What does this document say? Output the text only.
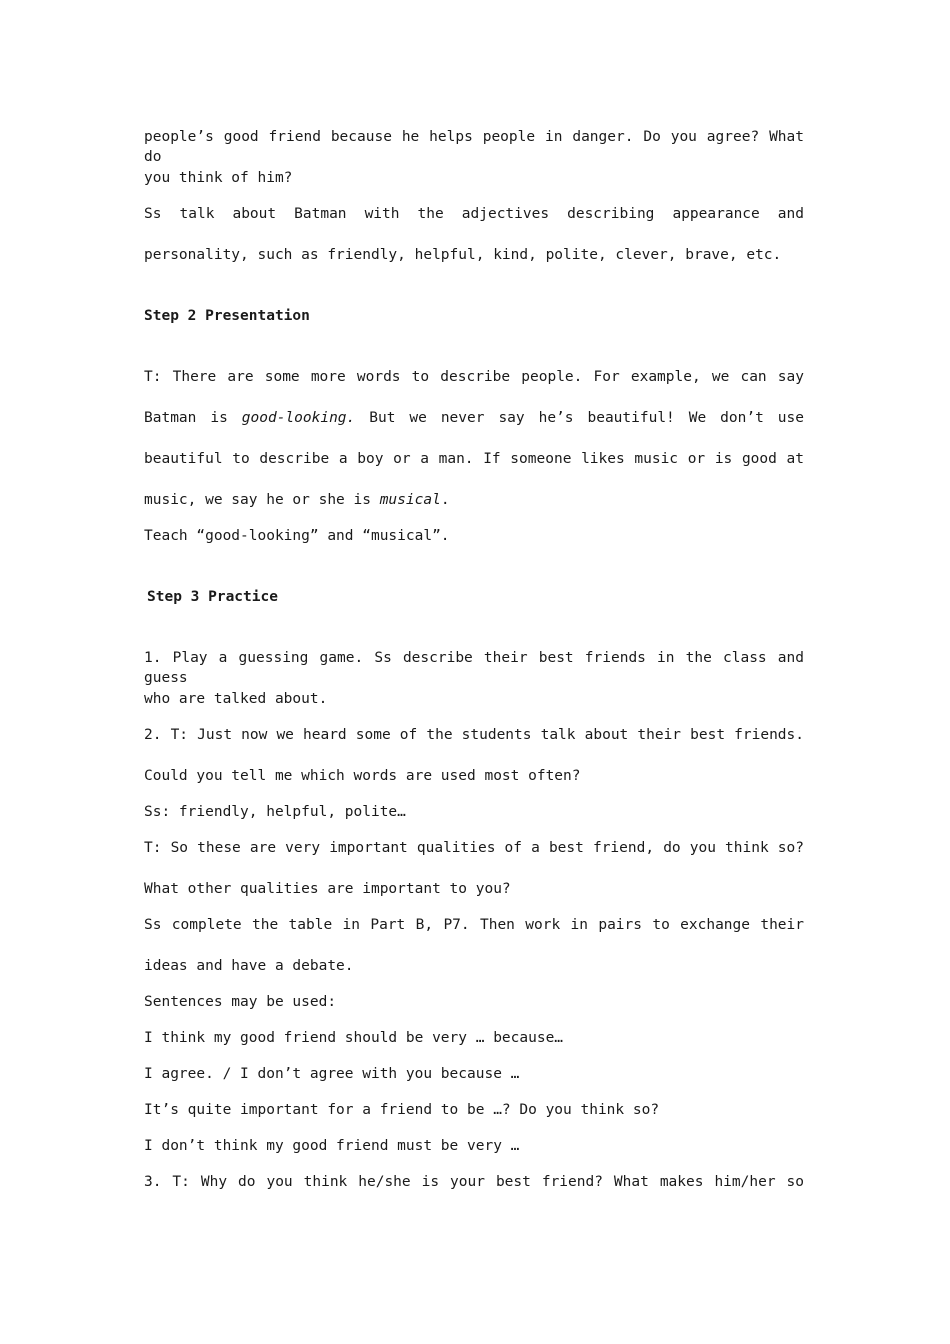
people’s good friend because he helps people in danger. Do you agree? What do
you think of him?
Ss talk about Batman with the adjectives describing appearance and
personality, such as friendly, helpful, kind, polite, clever, brave, etc.
Step 2 Presentation
T: There are some more words to describe people. For example, we can say
Batman is good-looking. But we never say he’s beautiful! We don’t use
beautiful to describe a boy or a man. If someone likes music or is good at
music, we say he or she is musical.
Teach “good-looking” and “musical”.
Step 3 Practice
1. Play a guessing game. Ss describe their best friends in the class and guess
who are talked about.
2. T: Just now we heard some of the students talk about their best friends.
Could you tell me which words are used most often?
Ss: friendly, helpful, polite…
T: So these are very important qualities of a best friend, do you think so?
What other qualities are important to you?
Ss complete the table in Part B, P7. Then work in pairs to exchange their
ideas and have a debate.
Sentences may be used:
I think my good friend should be very … because…
I agree. / I don’t agree with you because …
It’s quite important for a friend to be …? Do you think so?
I don’t think my good friend must be very …
3. T: Why do you think he/she is your best friend? What makes him/her so
